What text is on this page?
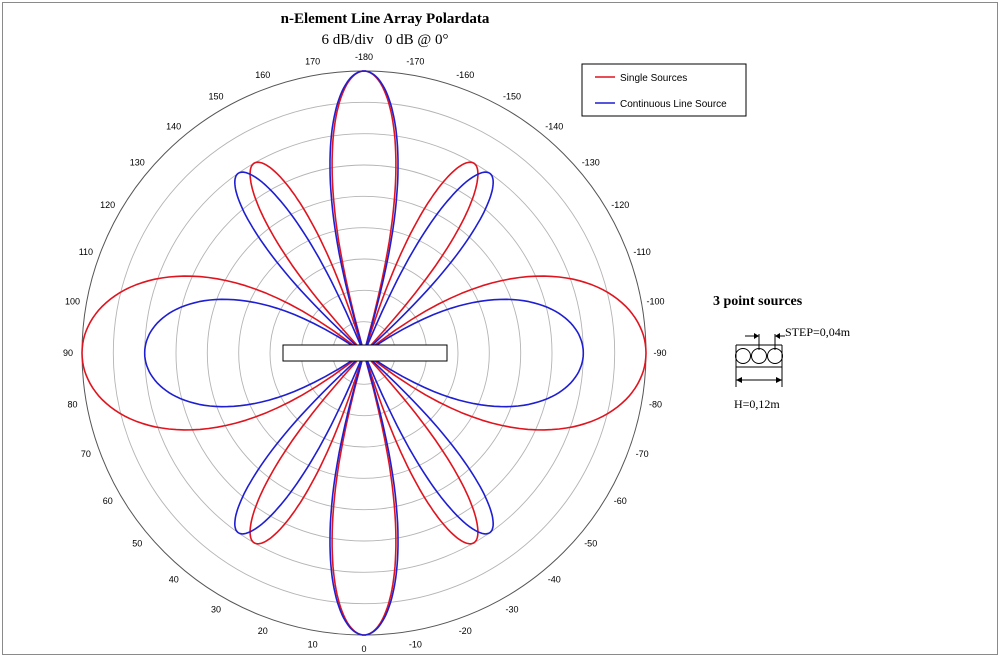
n-Element Line Array Polardata
6 dB/div   0 dB @ 0°
0
10
20
30
40
50
60
70
80
90
100
110
120
130
140
150
160
170	-180	-170
-160
-150
-140
-130
-120
-110
-100
-90
-80
-70
-60
-50
-40
-30
-20
-10
Single Sources
Continuous Line Source
3 point sources
STEP=0,04m
H=0,12m
